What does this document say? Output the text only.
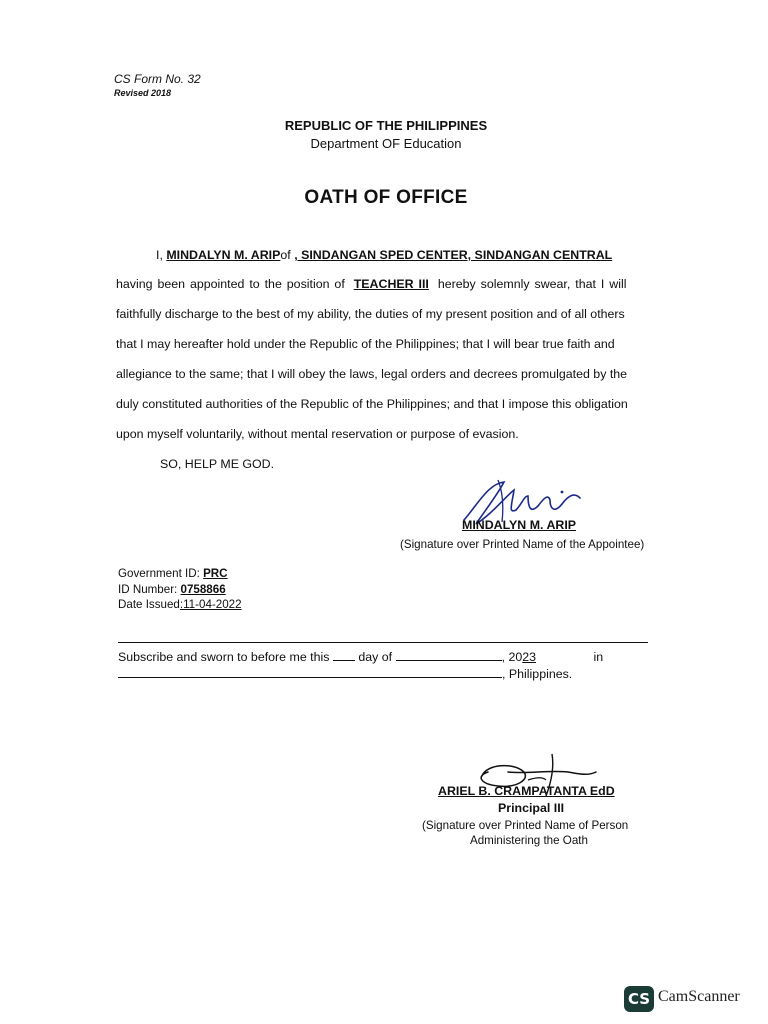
CS Form No. 32
Revised 2018
REPUBLIC OF THE PHILIPPINES
Department OF Education
OATH OF OFFICE
I, MINDALYN M. ARIPof , SINDANGAN SPED CENTER, SINDANGAN CENTRAL
having been appointed to the position of TEACHER III hereby solemnly swear, that I will
faithfully discharge to the best of my ability, the duties of my present position and of all others
that I may hereafter hold under the Republic of the Philippines; that I will bear true faith and
allegiance to the same; that I will obey the laws, legal orders and decrees promulgated by the
duly constituted authorities of the Republic of the Philippines; and that I impose this obligation
upon myself voluntarily, without mental reservation or purpose of evasion.
SO, HELP ME GOD.
MINDALYN M. ARIP
(Signature over Printed Name of the Appointee)
Government ID: PRC
ID Number: 0758866
Date Issued:11-04-2022
Subscribe and sworn to before me this day of	, 2023	in
, Philippines.
ARIEL B. CRAMPATANTA EdD
Principal III
(Signature over Printed Name of Person
Administering the Oath
CS CamScanner
